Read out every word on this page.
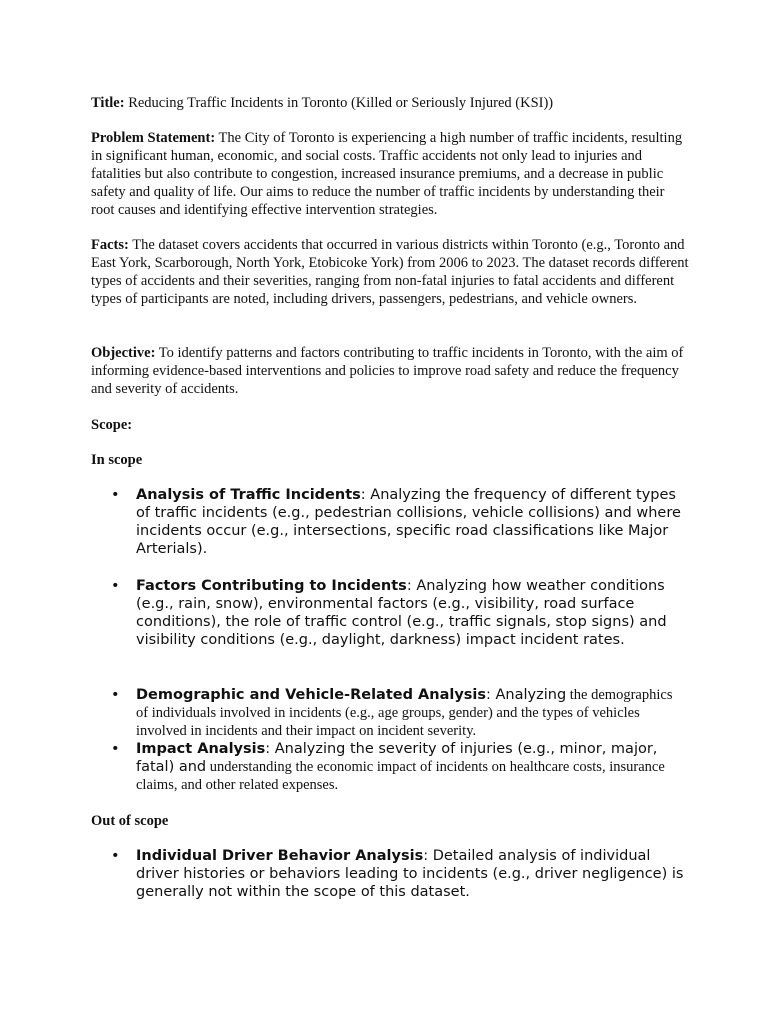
Title: Reducing Traffic Incidents in Toronto (Killed or Seriously Injured (KSI))

Problem Statement: The City of Toronto is experiencing a high number of traffic incidents, resulting in significant human, economic, and social costs. Traffic accidents not only lead to injuries and fatalities but also contribute to congestion, increased insurance premiums, and a decrease in public safety and quality of life. Our aims to reduce the number of traffic incidents by understanding their root causes and identifying effective intervention strategies.

Facts: The dataset covers accidents that occurred in various districts within Toronto (e.g., Toronto and East York, Scarborough, North York, Etobicoke York) from 2006 to 2023. The dataset records different types of accidents and their severities, ranging from non-fatal injuries to fatal accidents and different types of participants are noted, including drivers, passengers, pedestrians, and vehicle owners.

Objective: To identify patterns and factors contributing to traffic incidents in Toronto, with the aim of informing evidence-based interventions and policies to improve road safety and reduce the frequency and severity of accidents.

Scope:

In scope

• Analysis of Traffic Incidents: Analyzing the frequency of different types of traffic incidents (e.g., pedestrian collisions, vehicle collisions) and where incidents occur (e.g., intersections, specific road classifications like Major Arterials).

• Factors Contributing to Incidents: Analyzing how weather conditions (e.g., rain, snow), environmental factors (e.g., visibility, road surface conditions), the role of traffic control (e.g., traffic signals, stop signs) and visibility conditions (e.g., daylight, darkness) impact incident rates.

• Demographic and Vehicle-Related Analysis: Analyzing the demographics of individuals involved in incidents (e.g., age groups, gender) and the types of vehicles involved in incidents and their impact on incident severity.

• Impact Analysis: Analyzing the severity of injuries (e.g., minor, major, fatal) and understanding the economic impact of incidents on healthcare costs, insurance claims, and other related expenses.

Out of scope

• Individual Driver Behavior Analysis: Detailed analysis of individual driver histories or behaviors leading to incidents (e.g., driver negligence) is generally not within the scope of this dataset.
